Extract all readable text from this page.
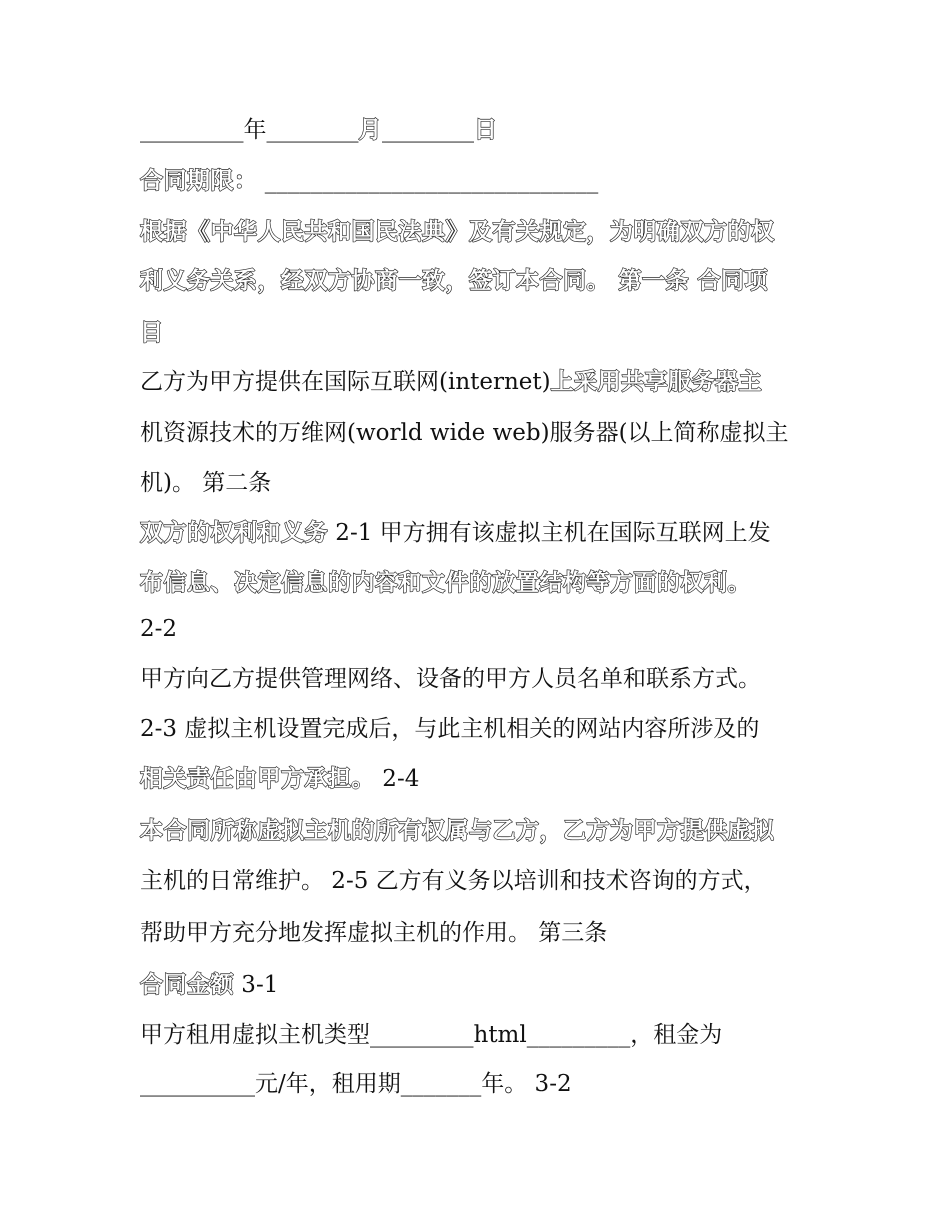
_________年________月________日
合同期限： _____________________________
根据《中华人民共和国民法典》及有关规定，为明确双方的权
利义务关系，经双方协商一致，签订本合同。 第一条 合同项
目
乙方为甲方提供在国际互联网(internet)上采用共享服务器主
机资源技术的万维网(world wide web)服务器(以上简称虚拟主
机)。 第二条
双方的权利和义务 2-1 甲方拥有该虚拟主机在国际互联网上发
布信息、决定信息的内容和文件的放置结构等方面的权利。
2-2
甲方向乙方提供管理网络、设备的甲方人员名单和联系方式。
2-3 虚拟主机设置完成后，与此主机相关的网站内容所涉及的
相关责任由甲方承担。 2-4
本合同所称虚拟主机的所有权属与乙方，乙方为甲方提供虚拟
主机的日常维护。 2-5 乙方有义务以培训和技术咨询的方式，
帮助甲方充分地发挥虚拟主机的作用。 第三条
合同金额 3-1
甲方租用虚拟主机类型_________html_________，租金为
__________元/年，租用期_______年。 3-2
